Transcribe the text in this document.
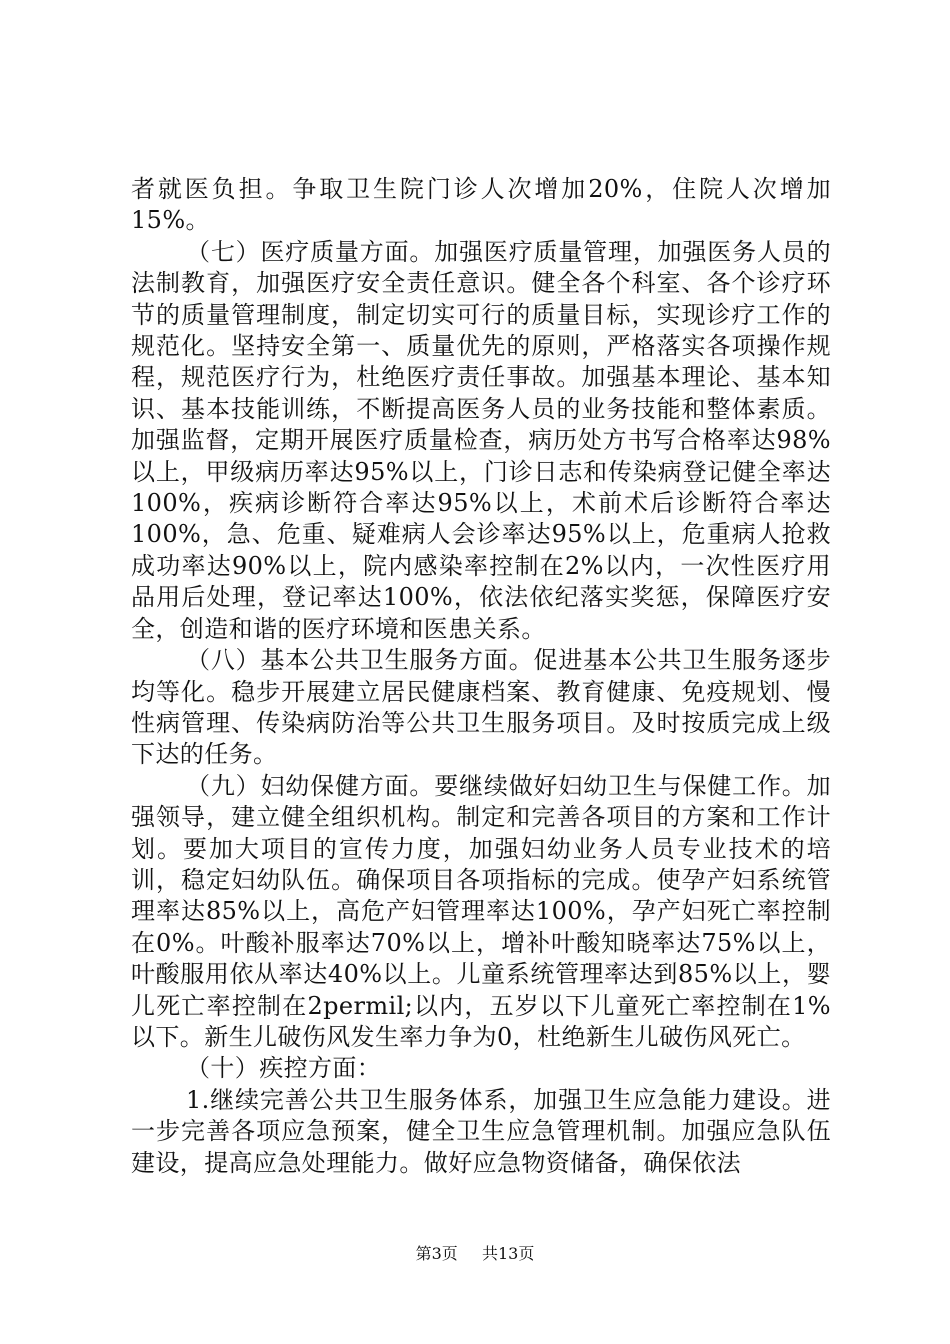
者就医负担。争取卫生院门诊人次增加20%，住院人次增加15%。

（七）医疗质量方面。加强医疗质量管理，加强医务人员的法制教育，加强医疗安全责任意识。健全各个科室、各个诊疗环节的质量管理制度，制定切实可行的质量目标，实现诊疗工作的规范化。坚持安全第一、质量优先的原则，严格落实各项操作规程，规范医疗行为，杜绝医疗责任事故。加强基本理论、基本知识、基本技能训练，不断提高医务人员的业务技能和整体素质。加强监督，定期开展医疗质量检查，病历处方书写合格率达98%以上，甲级病历率达95%以上，门诊日志和传染病登记健全率达100%，疾病诊断符合率达95%以上，术前术后诊断符合率达100%，急、危重、疑难病人会诊率达95%以上，危重病人抢救成功率达90%以上，院内感染率控制在2%以内，一次性医疗用品用后处理，登记率达100%，依法依纪落实奖惩，保障医疗安全，创造和谐的医疗环境和医患关系。

（八）基本公共卫生服务方面。促进基本公共卫生服务逐步均等化。稳步开展建立居民健康档案、教育健康、免疫规划、慢性病管理、传染病防治等公共卫生服务项目。及时按质完成上级下达的任务。

（九）妇幼保健方面。要继续做好妇幼卫生与保健工作。加强领导，建立健全组织机构。制定和完善各项目的方案和工作计划。要加大项目的宣传力度，加强妇幼业务人员专业技术的培训，稳定妇幼队伍。确保项目各项指标的完成。使孕产妇系统管理率达85%以上，高危产妇管理率达100%，孕产妇死亡率控制在0%。叶酸补服率达70%以上，增补叶酸知晓率达75%以上，叶酸服用依从率达40%以上。儿童系统管理率达到85%以上，婴儿死亡率控制在2permil;以内，五岁以下儿童死亡率控制在1%以下。新生儿破伤风发生率力争为0，杜绝新生儿破伤风死亡。

（十）疾控方面：

1.继续完善公共卫生服务体系，加强卫生应急能力建设。进一步完善各项应急预案，健全卫生应急管理机制。加强应急队伍建设，提高应急处理能力。做好应急物资储备，确保依法

第3页 共13页
